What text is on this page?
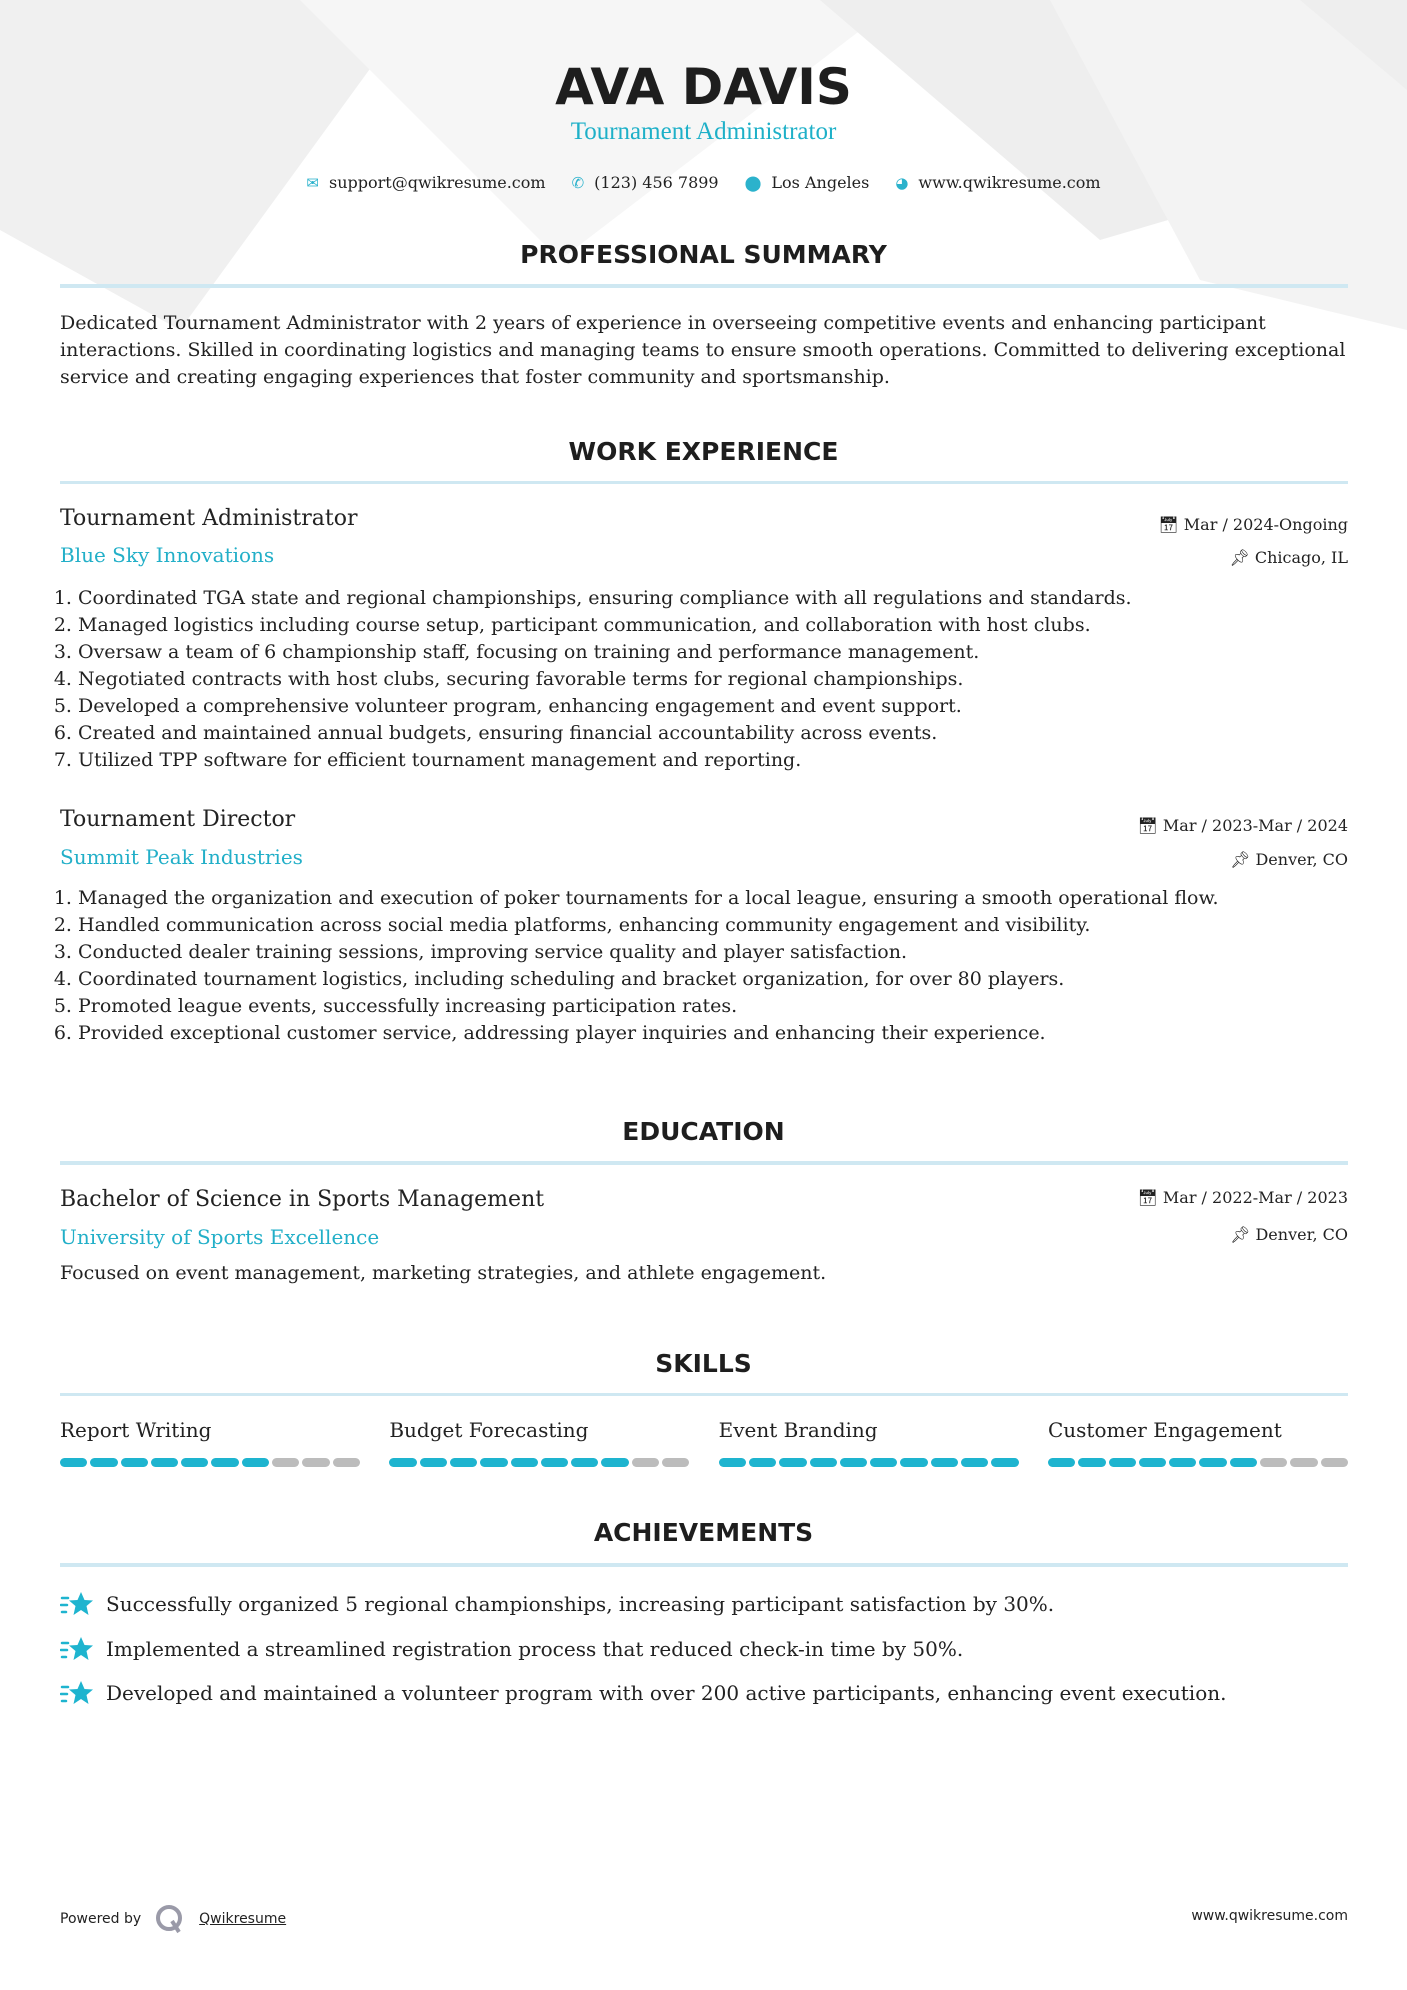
AVA DAVIS
Tournament Administrator
✉ support@qwikresume.com ✆ (123) 456 7899 ⬤ Los Angeles ◕ www.qwikresume.com
PROFESSIONAL SUMMARY
Dedicated Tournament Administrator with 2 years of experience in overseeing competitive events and enhancing participant interactions. Skilled in coordinating logistics and managing teams to ensure smooth operations. Committed to delivering exceptional service and creating engaging experiences that foster community and sportsmanship.
WORK EXPERIENCE
Tournament Administrator	📅︎ Mar / 2024-Ongoing
Blue Sky Innovations	📌︎ Chicago, IL
1. Coordinated TGA state and regional championships, ensuring compliance with all regulations and standards.
2. Managed logistics including course setup, participant communication, and collaboration with host clubs.
3. Oversaw a team of 6 championship staff, focusing on training and performance management.
4. Negotiated contracts with host clubs, securing favorable terms for regional championships.
5. Developed a comprehensive volunteer program, enhancing engagement and event support.
6. Created and maintained annual budgets, ensuring financial accountability across events.
7. Utilized TPP software for efficient tournament management and reporting.
Tournament Director	📅︎ Mar / 2023-Mar / 2024
Summit Peak Industries	📌︎ Denver, CO
1. Managed the organization and execution of poker tournaments for a local league, ensuring a smooth operational flow.
2. Handled communication across social media platforms, enhancing community engagement and visibility.
3. Conducted dealer training sessions, improving service quality and player satisfaction.
4. Coordinated tournament logistics, including scheduling and bracket organization, for over 80 players.
5. Promoted league events, successfully increasing participation rates.
6. Provided exceptional customer service, addressing player inquiries and enhancing their experience.
EDUCATION
Bachelor of Science in Sports Management	📅︎ Mar / 2022-Mar / 2023
University of Sports Excellence	📌︎ Denver, CO
Focused on event management, marketing strategies, and athlete engagement.
SKILLS
Report Writing	Budget Forecasting	Event Branding	Customer Engagement
ACHIEVEMENTS
Successfully organized 5 regional championships, increasing participant satisfaction by 30%.
Implemented a streamlined registration process that reduced check-in time by 50%.
Developed and maintained a volunteer program with over 200 active participants, enhancing event execution.
Powered by	Qwikresume	www.qwikresume.com
